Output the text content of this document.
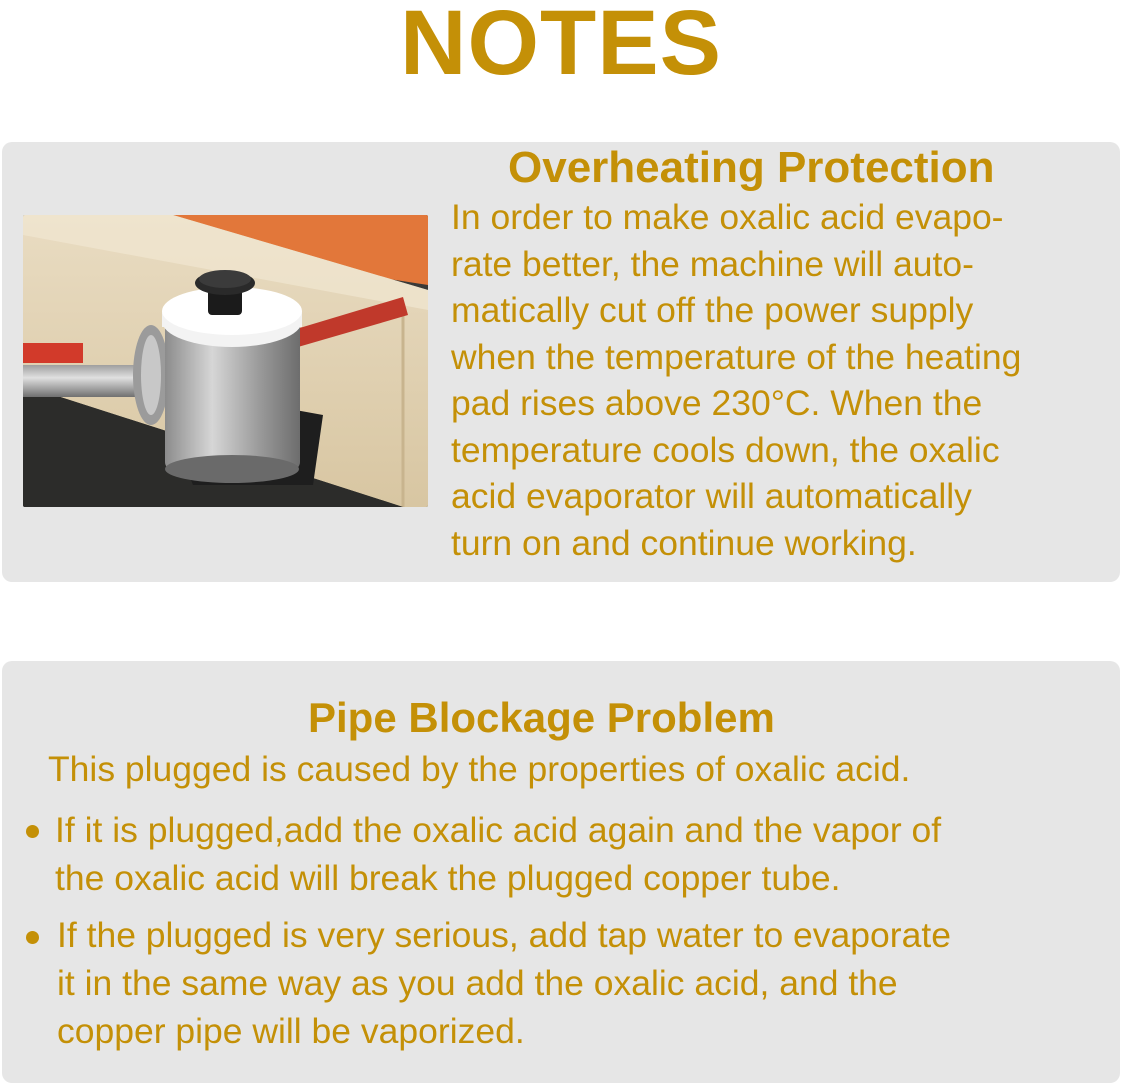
NOTES
Overheating Protection
In order to make oxalic acid evapo-
rate better, the machine will auto-
matically cut off the power supply
when the temperature of the heating
pad rises above 230°C. When the
temperature cools down, the oxalic
acid evaporator will automatically
turn on and continue working.
Pipe Blockage Problem
This plugged is caused by the properties of oxalic acid.
If it is plugged,add the oxalic acid again and the vapor of
the oxalic acid will break the plugged copper tube.
If the plugged is very serious, add tap water to evaporate
it in the same way as you add the oxalic acid, and the
copper pipe will be vaporized.
